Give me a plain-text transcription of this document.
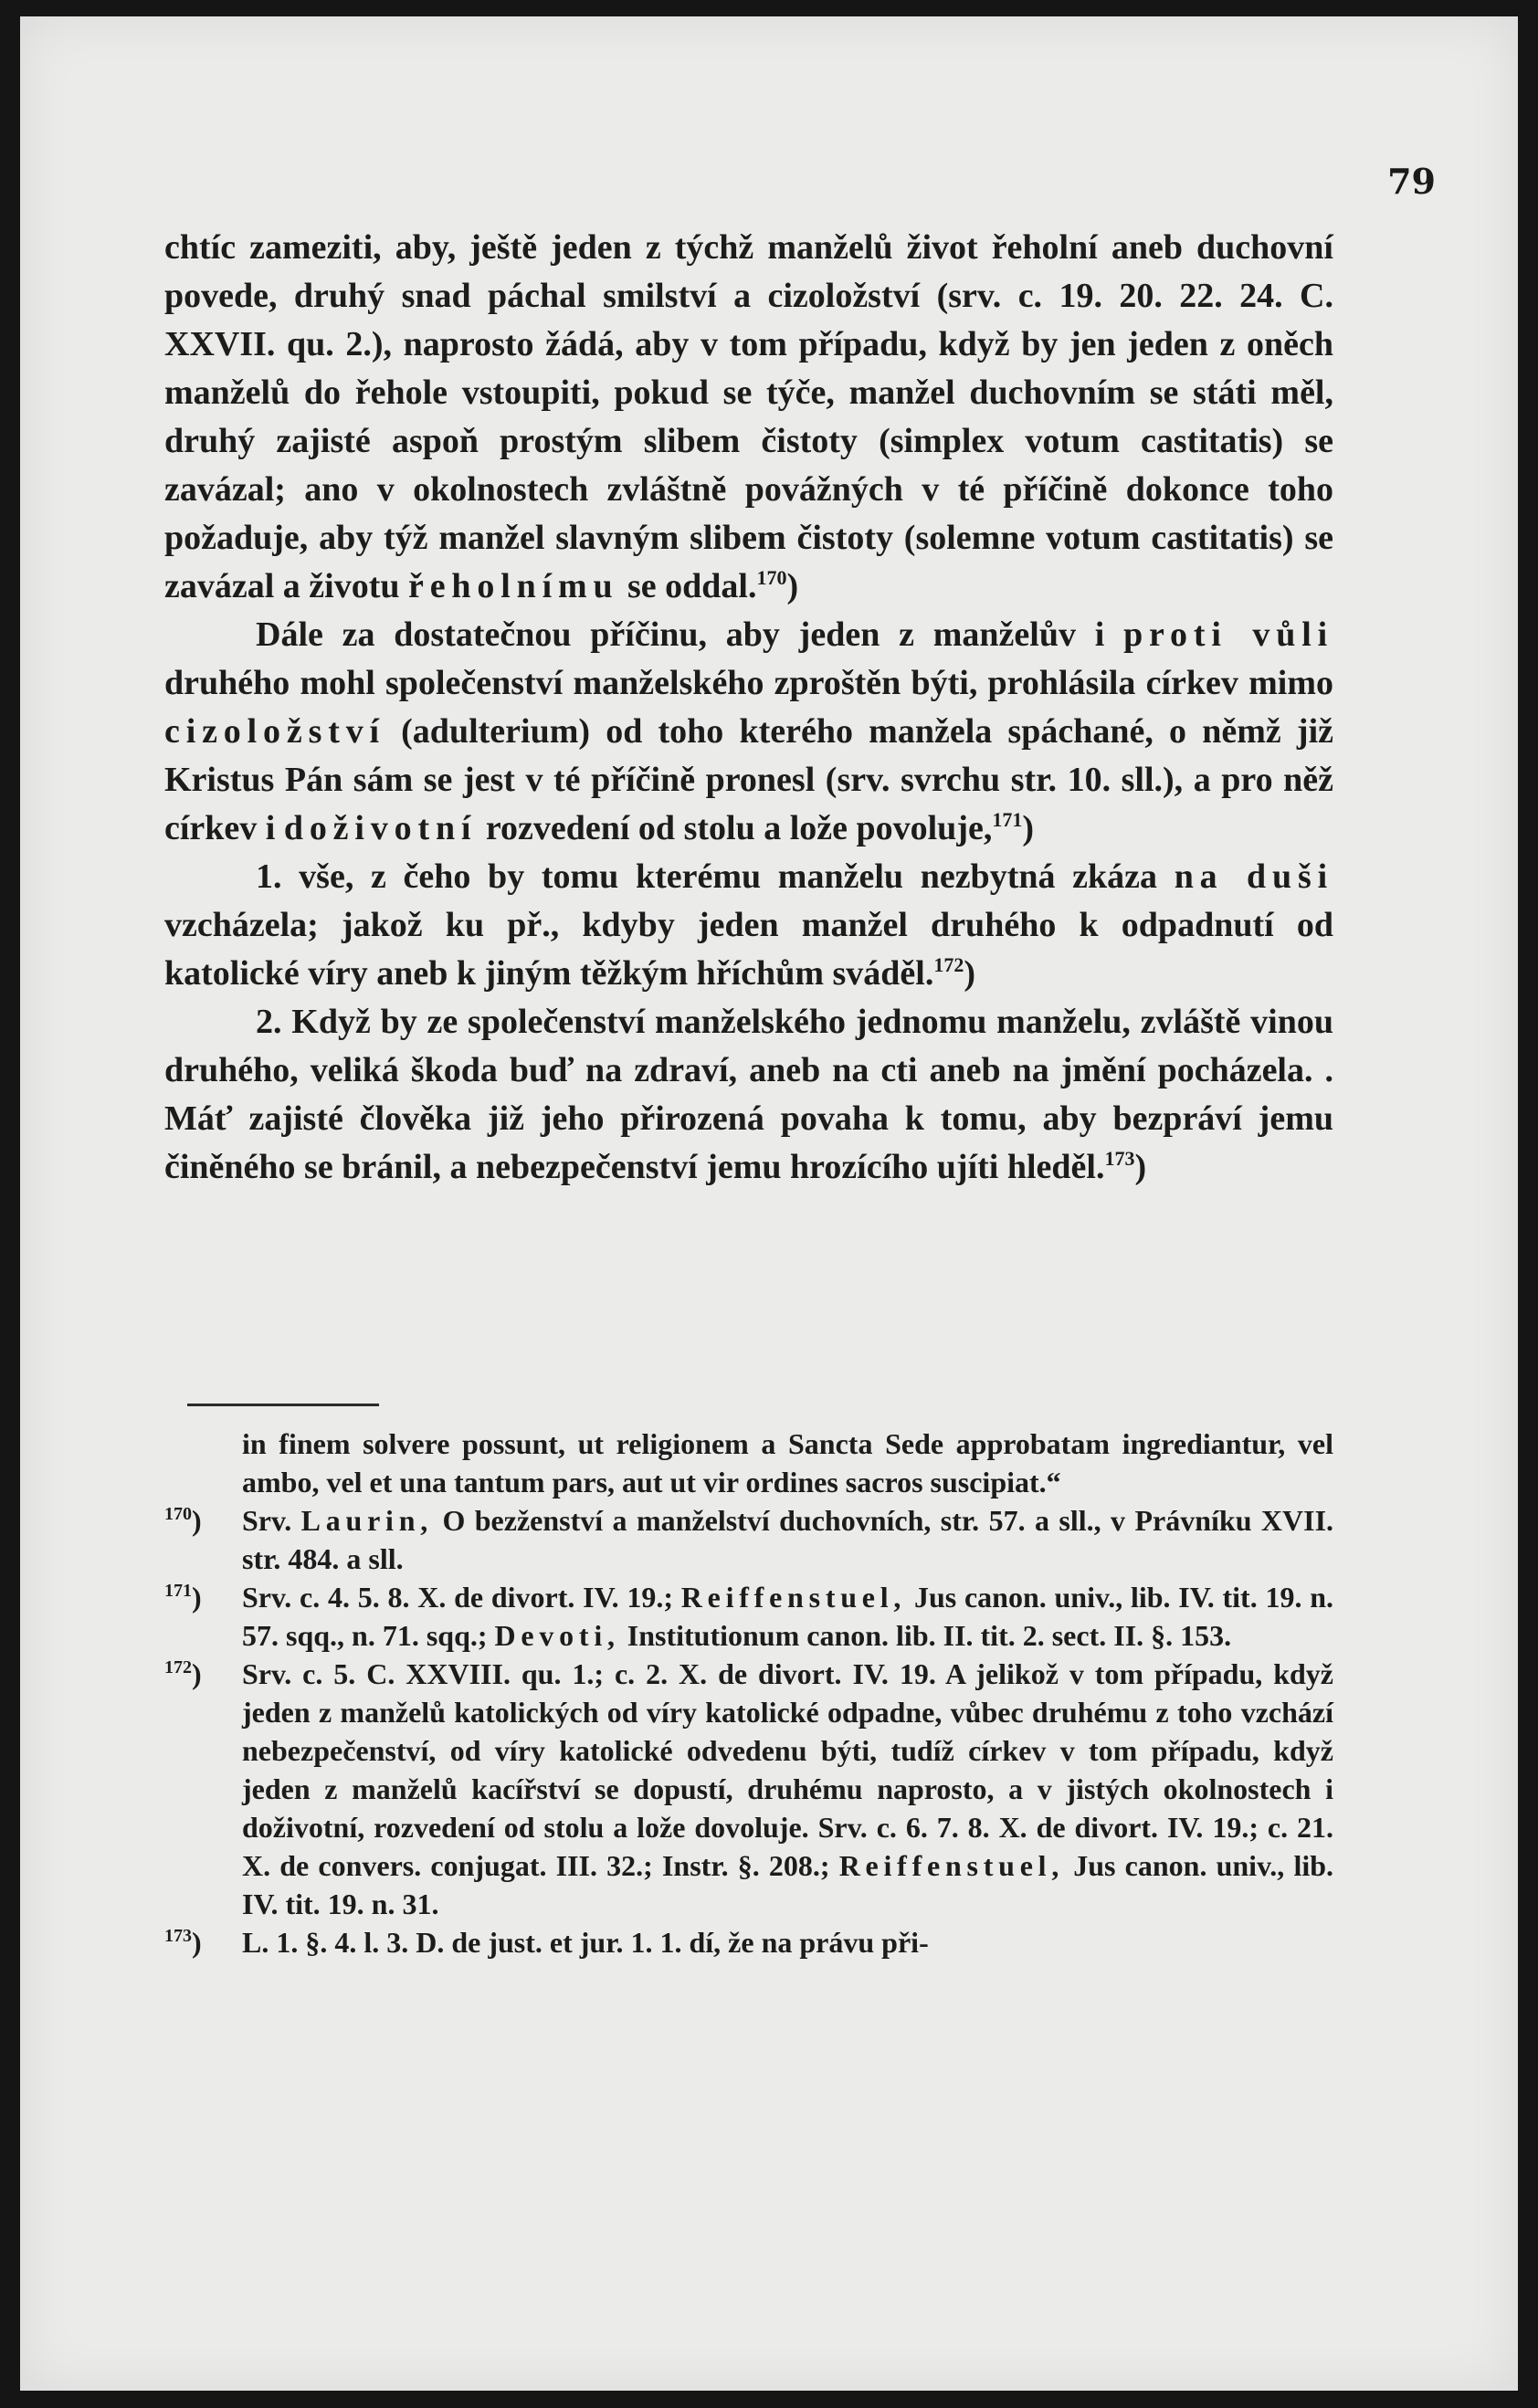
79

chtíc zameziti, aby, ještě jeden z týchž manželů život řeholní aneb duchovní povede, druhý snad páchal smilství a cizoložství (srv. c. 19. 20. 22. 24. C. XXVII. qu. 2.), naprosto žádá, aby v tom případu, když by jen jeden z oněch manželů do řehole vstoupiti, pokud se týče, manžel duchovním se státi měl, druhý zajisté aspoň prostým slibem čistoty (simplex votum castitatis) se zavázal; ano v okolnostech zvláštně povážných v té příčině dokonce toho požaduje, aby týž manžel slavným slibem čistoty (solemne votum castitatis) se zavázal a životu řeholnímu se oddal.$^{170}$)

Dále za dostatečnou příčinu, aby jeden z manželův i proti vůli druhého mohl společenství manželského zproštěn býti, prohlásila církev mimo cizoložství (adulterium) od toho kterého manžela spáchané, o němž již Kristus Pán sám se jest v té příčině pronesl (srv. svrchu str. 10. sll.), a pro něž církev i doživotní rozvedení od stolu a lože povoluje,$^{171}$)

1. vše, z čeho by tomu kterému manželu nezbytná zkáza na duši vzcházela; jakož ku př., kdyby jeden manžel druhého k odpadnutí od katolické víry aneb k jiným těžkým hříchům sváděl.$^{172}$)

2. Když by ze společenství manželského jednomu manželu, zvláště vinou druhého, veliká škoda buď na zdraví, aneb na cti aneb na jmění pocházela. . Máť zajisté člověka již jeho přirozená povaha k tomu, aby bezpráví jemu činěného se bránil, a nebezpečenství jemu hrozícího ujíti hleděl.$^{173}$)

in finem solvere possunt, ut religionem a Sancta Sede approbatam ingrediantur, vel ambo, vel et una tantum pars, aut ut vir ordines sacros suscipiat.“
$^{170}$) Srv. Laurin, O bezženství a manželství duchovních, str. 57. a sll., v Právníku XVII. str. 484. a sll.
$^{171}$) Srv. c. 4. 5. 8. X. de divort. IV. 19.; Reiffenstuel, Jus canon. univ., lib. IV. tit. 19. n. 57. sqq., n. 71. sqq.; Devoti, Institutionum canon. lib. II. tit. 2. sect. II. §. 153.
$^{172}$) Srv. c. 5. C. XXVIII. qu. 1.; c. 2. X. de divort. IV. 19. A jelikož v tom případu, když jeden z manželů katolických od víry katolické odpadne, vůbec druhému z toho vzchází nebezpečenství, od víry katolické odvedenu býti, tudíž církev v tom případu, když jeden z manželů kacířství se dopustí, druhému naprosto, a v jistých okolnostech i doživotní, rozvedení od stolu a lože dovoluje. Srv. c. 6. 7. 8. X. de divort. IV. 19.; c. 21. X. de convers. conjugat. III. 32.; Instr. §. 208.; Reiffenstuel, Jus canon. univ., lib. IV. tit. 19. n. 31.
$^{173}$) L. 1. §. 4. l. 3. D. de just. et jur. 1. 1. dí, že na právu při-
